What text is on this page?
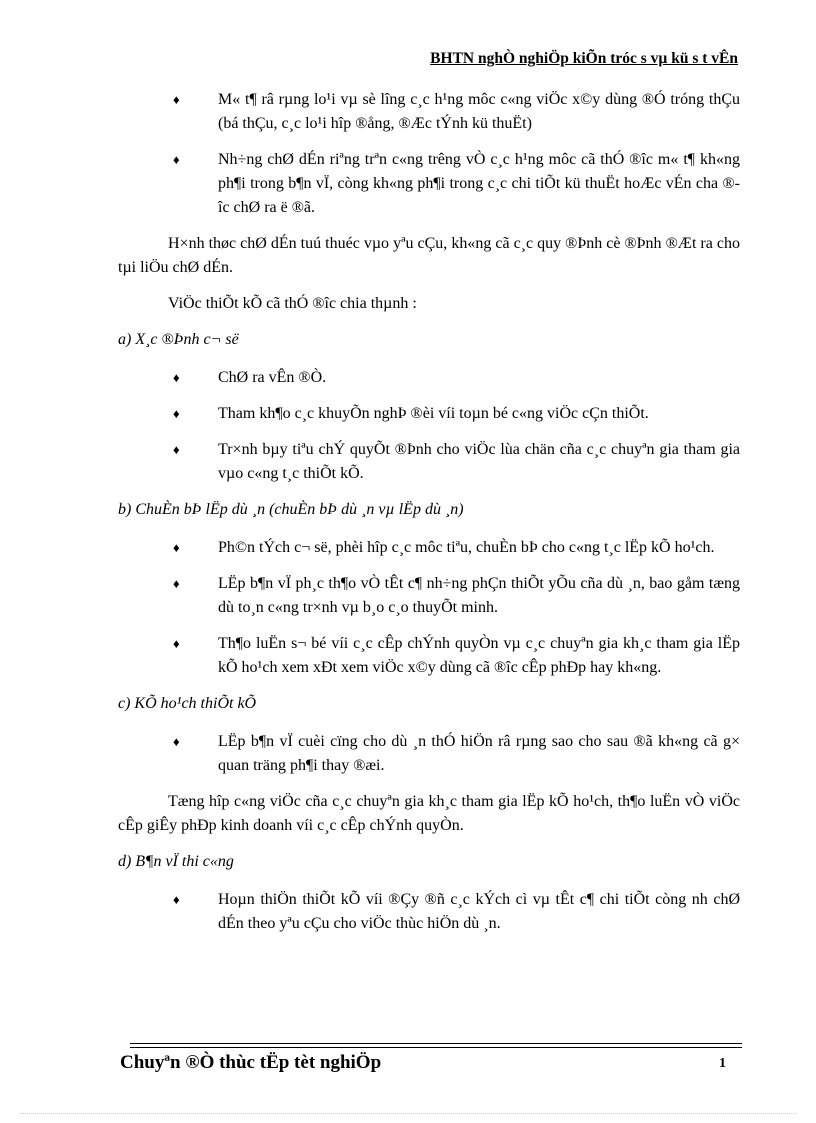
BHTN nghÒ nghiÖp kiÕn tróc s vµ kü s t vÊn
♦ M« t¶ râ rµng lo¹i vµ sè lîng c¸c h¹ng môc c«ng viÖc x©y dùng ®Ó tróng thÇu (bá thÇu, c¸c lo¹i hîp ®ång, ®Æc tÝnh kü thuËt)
♦ Nh÷ng chØ dÉn riªng trªn c«ng trêng vÒ c¸c h¹ng môc cã thÓ ®îc m« t¶ kh«ng ph¶i trong b¶n vÏ, còng kh«ng ph¶i trong c¸c chi tiÕt kü thuËt hoÆc vÉn cha ®îc chØ ra ë ®ã.
H×nh thøc chØ dÉn tuú thuéc vµo yªu cÇu, kh«ng cã c¸c quy ®Þnh cè ®Þnh ®Æt ra cho tµi liÖu chØ dÉn.
ViÖc thiÕt kÕ cã thÓ ®îc chia thµnh :
a) X¸c ®Þnh c¬ së
♦ ChØ ra vÊn ®Ò.
♦ Tham kh¶o c¸c khuyÕn nghÞ ®èi víi toµn bé c«ng viÖc cÇn thiÕt.
♦ Tr×nh bµy tiªu chÝ quyÕt ®Þnh cho viÖc lùa chän cña c¸c chuyªn gia tham gia vµo c«ng t¸c thiÕt kÕ.
b) ChuÈn bÞ lËp dù ¸n (chuÈn bÞ dù ¸n vµ lËp dù ¸n)
♦ Ph©n tÝch c¬ së, phèi hîp c¸c môc tiªu, chuÈn bÞ cho c«ng t¸c lËp kÕ ho¹ch.
♦ LËp b¶n vÏ ph¸c th¶o vÒ tÊt c¶ nh÷ng phÇn thiÕt yÕu cña dù ¸n, bao gåm tæng dù to¸n c«ng tr×nh vµ b¸o c¸o thuyÕt minh.
♦ Th¶o luËn s¬ bé víi c¸c cÊp chÝnh quyÒn vµ c¸c chuyªn gia kh¸c tham gia lËp kÕ ho¹ch xem xÐt xem viÖc x©y dùng cã ®îc cÊp phÐp hay kh«ng.
c) KÕ ho¹ch thiÕt kÕ
♦ LËp b¶n vÏ cuèi cïng cho dù ¸n thÓ hiÖn râ rµng sao cho sau ®ã kh«ng cã g× quan träng ph¶i thay ®æi.
Tæng hîp c«ng viÖc cña c¸c chuyªn gia kh¸c tham gia lËp kÕ ho¹ch, th¶o luËn vÒ viÖc cÊp giÊy phÐp kinh doanh víi c¸c cÊp chÝnh quyÒn.
d) B¶n vÏ thi c«ng
♦ Hoµn thiÖn thiÕt kÕ víi ®Çy ®ñ c¸c kÝch cì vµ tÊt c¶ chi tiÕt còng nh chØ dÉn theo yªu cÇu cho viÖc thùc hiÖn dù ¸n.
Chuyªn ®Ò thùc tËp tèt nghiÖp	1
